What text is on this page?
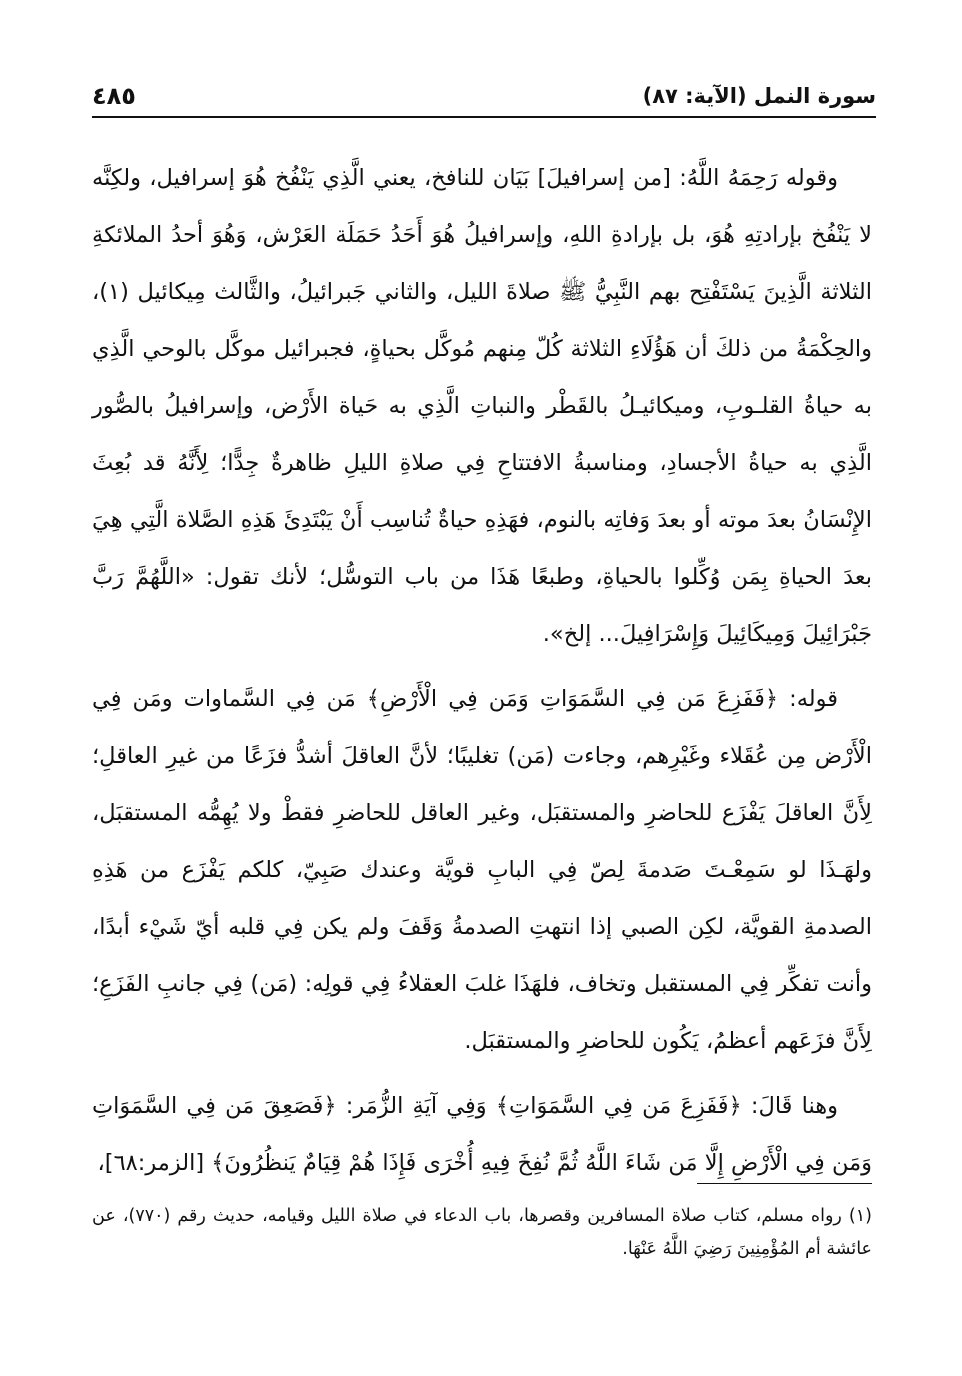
سورة النمل (الآية: ٨٧)
٤٨٥

وقوله رَحِمَهُ اللَّهُ: [من إسرافيلَ] بَيَان للنافخ، يعني الَّذِي يَنْفُخ هُوَ إسرافيل، ولكِنَّه لا يَنْفُخ بإرادتِهِ هُوَ، بل بإرادةِ اللهِ، وإسرافيلُ هُوَ أَحَدُ حَمَلَة العَرْش، وَهُوَ أحدُ الملائكةِ الثلاثة الَّذِينَ يَسْتَفْتِح بهم النَّبِيُّ ﷺ صلاةَ الليل، والثاني جَبرائيلُ، والثَّالث مِيكائيل (١)، والحِكْمَةُ من ذلكَ أن هَؤُلَاءِ الثلاثة كُلّ مِنهم مُوكَّل بحياةٍ، فجبرائيل موكَّل بالوحي الَّذِي به حياةُ القلـوبِ، وميكائيـلُ بالقَطْر والنباتِ الَّذِي به حَياة الأَرْض، وإسرافيلُ بالصُّور الَّذِي به حياةُ الأجسادِ، ومناسبةُ الافتتاحِ فِي صلاةِ الليلِ ظاهرةٌ جِدًّا؛ لِأَنَّهُ قد بُعِثَ الإِنْسَانُ بعدَ موته أو بعدَ وَفاتِه بالنوم، فهَذِهِ حياةٌ تُناسِب أَنْ يَبْتَدِئَ هَذِهِ الصَّلاة الَّتِي هِيَ بعدَ الحياةِ بِمَن وُكِّلوا بالحياةِ، وطبعًا هَذَا من باب التوسُّل؛ لأنك تقول: «اللَّهُمَّ رَبَّ جَبْرَائِيلَ وَمِيكَائِيلَ وَإِسْرَافِيلَ... إلخ».

قوله: ﴿فَفَزِعَ مَن فِي السَّمَوَاتِ وَمَن فِي الْأَرْضِ﴾ مَن فِي السَّماوات ومَن فِي الْأَرْض مِن عُقَلاء وغَيْرِهم، وجاءت (مَن) تغليبًا؛ لأنَّ العاقلَ أشدُّ فزَعًا من غيرِ العاقلِ؛ لِأَنَّ العاقلَ يَفْزَع للحاضرِ والمستقبَل، وغير العاقل للحاضرِ فقطْ ولا يُهِمُّه المستقبَل، ولهَـذَا لو سَمِعْـتَ صَدمةَ لِصّ فِي البابِ قويَّة وعندك صَبِيّ، كلكم يَفْزَع من هَذِهِ الصدمةِ القويَّة، لكِن الصبي إذا انتهتِ الصدمةُ وَقَفَ ولم يكن فِي قلبه أيّ شَيْء أبدًا، وأنت تفكِّر فِي المستقبل وتخاف، فلهَذَا غلبَ العقلاءُ فِي قولِه: (مَن) فِي جانبِ الفَزَعِ؛ لِأَنَّ فزَعَهم أعظمُ، يَكُون للحاضرِ والمستقبَل.

وهنا قَالَ: ﴿فَفَزِعَ مَن فِي السَّمَوَاتِ﴾ وَفِي آيَةِ الزُّمَر: ﴿فَصَعِقَ مَن فِي السَّمَوَاتِ وَمَن فِي الْأَرْضِ إِلَّا مَن شَاءَ اللَّهُ ثُمَّ نُفِخَ فِيهِ أُخْرَى فَإِذَا هُمْ قِيَامٌ يَنظُرُونَ﴾ [الزمر:٦٨]،

(١) رواه مسلم، كتاب صلاة المسافرين وقصرها، باب الدعاء في صلاة الليل وقيامه، حديث رقم (٧٧٠)، عن عائشة أم المُؤْمِنِينَ رَضِيَ اللَّهُ عَنْهَا.
